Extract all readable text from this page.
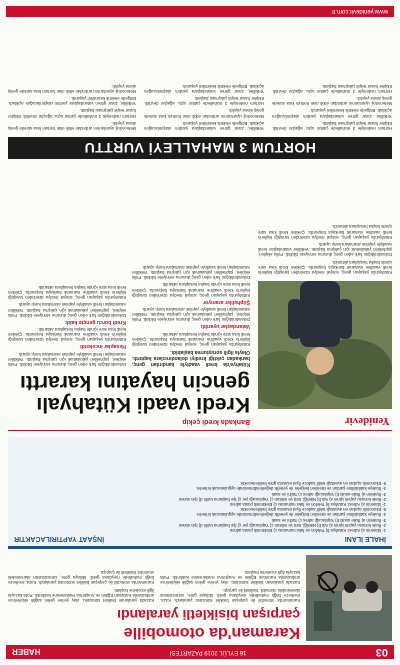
03
16 EYLÜL 2019 PAZARTESİ
HABER
Karaman'da otomobille
çarpışan bisikletli yaralandı

Karaman'da otomobil ile çarpışan bisiklet sürücüsü yaralandı. Kaza, merkeze bağlı mahallede meydana geldi. İddiaya göre, sürücüsünün idaresindeki otomobil, bisikletli ile çarpıştı.

Kazada yaralanan bisiklet sürücüsü, olay yerine gelen sağlık ekiplerince ambulansla Karaman Eğitim ve Araştırma Hastanesine kaldırıldı. Polis kazayla ilgili inceleme başlattı.

Kazada yaralanan bisiklet sürücüsü, olay yerine gelen sağlık ekiplerince ambulansla Karaman Eğitim ve Araştırma Hastanesine kaldırıldı. Polis kazayla ilgili inceleme başlattı.

Karaman'da otomobil ile çarpışan bisiklet sürücüsü yaralandı. Kaza, merkeze bağlı mahallede meydana geldi. İddiaya göre, sürücüsünün idaresindeki otomobil, bisikletli ile çarpıştı.

İHALE İLANI
İNŞAAT YAPTIRILACAKTIR
1- İdarenin a) Adresi: Kütahya b) Telefon ve faks numarası c) Elektronik posta adresi
2- İhale konusu yapım işinin a) Adı b) Niteliği, türü ve miktarı c) Yapılacağı yer ç) İşe başlama tarihi d) İşin süresi
3- İhalenin a) İhale usulü b) Yapılacağı adres c) Tarihi ve saati
4- İhaleye katılabilme şartları ve istenilen belgeler ile yeterlik değerlendirmesinde uygulanacak kriterler.
5- Ekonomik açıdan en avantajlı teklif sadece fiyat esasına göre belirlenecektir.
1- İdarenin a) Adresi: Kütahya b) Telefon ve faks numarası c) Elektronik posta adresi
2- İhale konusu yapım işinin a) Adı b) Niteliği, türü ve miktarı c) Yapılacağı yer ç) İşe başlama tarihi d) İşin süresi
3- İhalenin a) İhale usulü b) Yapılacağı adres c) Tarihi ve saati
4- İhaleye katılabilme şartları ve istenilen belgeler ile yeterlik değerlendirmesinde uygulanacak kriterler.
5- Ekonomik açıdan en avantajlı teklif sadece fiyat esasına göre belirlenecektir.
Yenidevir
Bankada kredi çekip
Kredi vaadi Kütahyalı
gencin hayatını kararttı

Kütahya'da kredi vaadiyle kandırılan genç, bankadan çektiği krediyi dolandırıcılara kaptırdı. Olayla ilgili soruşturma başlatıldı.

Kütahya'da yaşayan genç, sosyal medya üzerinden tanıştığı kişilerin kredi vaadine inanarak bankaya başvurdu. Çekilen kredi kısa süre içinde başka hesaplara aktarıldı.

Vatandaşlar uyarıldı

Dolandırıldığını fark eden genç durumu emniyete bildirdi. Polis ekipleri, şüphelileri yakalamak için çalışma başlattı. Yetkililer vatandaşları kredi vaadiyle yapılan aramalara karşı uyardı.

Şüpheliler aranıyor

Kütahya'da yaşayan genç, sosyal medya üzerinden tanıştığı kişilerin kredi vaadine inanarak bankaya başvurdu. Çekilen kredi kısa süre içinde başka hesaplara aktarıldı.

Dolandırıldığını fark eden genç durumu emniyete bildirdi. Polis ekipleri, şüphelileri yakalamak için çalışma başlattı. Yetkililer vatandaşları kredi vaadiyle yapılan aramalara karşı uyardı.

Dolandırıldığını fark eden genç durumu emniyete bildirdi. Polis ekipleri, şüphelileri yakalamak için çalışma başlattı. Yetkililer vatandaşları kredi vaadiyle yapılan aramalara karşı uyardı.

Hesaplar incelendi

Kütahya'da yaşayan genç, sosyal medya üzerinden tanıştığı kişilerin kredi vaadine inanarak bankaya başvurdu. Çekilen kredi kısa süre içinde başka hesaplara aktarıldı.

Kredi borcu gençte kaldı

Dolandırıldığını fark eden genç durumu emniyete bildirdi. Polis ekipleri, şüphelileri yakalamak için çalışma başlattı. Yetkililer vatandaşları kredi vaadiyle yapılan aramalara karşı uyardı.

Kütahya'da yaşayan genç, sosyal medya üzerinden tanıştığı kişilerin kredi vaadine inanarak bankaya başvurdu. Çekilen kredi kısa süre içinde başka hesaplara aktarıldı.

Kütahya'da yaşayan genç, sosyal medya üzerinden tanıştığı kişilerin kredi vaadine inanarak bankaya başvurdu. Çekilen kredi kısa süre içinde başka hesaplara aktarıldı.

Dolandırıldığını fark eden genç durumu emniyete bildirdi. Polis ekipleri, şüphelileri yakalamak için çalışma başlattı. Yetkililer vatandaşları kredi vaadiyle yapılan aramalara karşı uyardı.

Kütahya'da yaşayan genç, sosyal medya üzerinden tanıştığı kişilerin kredi vaadine inanarak bankaya başvurdu. Çekilen kredi kısa süre içinde başka hesaplara aktarıldı.

HORTUM 3 MAHALLEYİ VURTTU

Hortum nedeniyle 3 mahallede çatılar uçtu, ağaçlar devrildi. Ekipler hasar tespit çalışması başlattı.

Yetkililer, zarar gören vatandaşlara yardım ulaştırılacağını açıkladı. Bölgede elektrik kesintileri yaşandı.

Meteoroloji uyarılarının ardından etkili olan hortum kısa sürede geniş alana yayıldı.

Hortum nedeniyle 3 mahallede çatılar uçtu, ağaçlar devrildi. Ekipler hasar tespit çalışması başlattı.

Yetkililer, zarar gören vatandaşlara yardım ulaştırılacağını açıkladı. Bölgede elektrik kesintileri yaşandı.

Meteoroloji uyarılarının ardından etkili olan hortum kısa sürede geniş alana yayıldı.

Hortum nedeniyle 3 mahallede çatılar uçtu, ağaçlar devrildi. Ekipler hasar tespit çalışması başlattı.

Yetkililer, zarar gören vatandaşlara yardım ulaştırılacağını açıkladı. Bölgede elektrik kesintileri yaşandı.

Meteoroloji uyarılarının ardından etkili olan hortum kısa sürede geniş alana yayıldı.

Hortum nedeniyle 3 mahallede çatılar uçtu, ağaçlar devrildi. Ekipler hasar tespit çalışması başlattı.

Yetkililer, zarar gören vatandaşlara yardım ulaştırılacağını açıkladı. Bölgede elektrik kesintileri yaşandı.

Meteoroloji uyarılarının ardından etkili olan hortum kısa sürede geniş alana yayıldı.

www.yenidevir.com.tr
